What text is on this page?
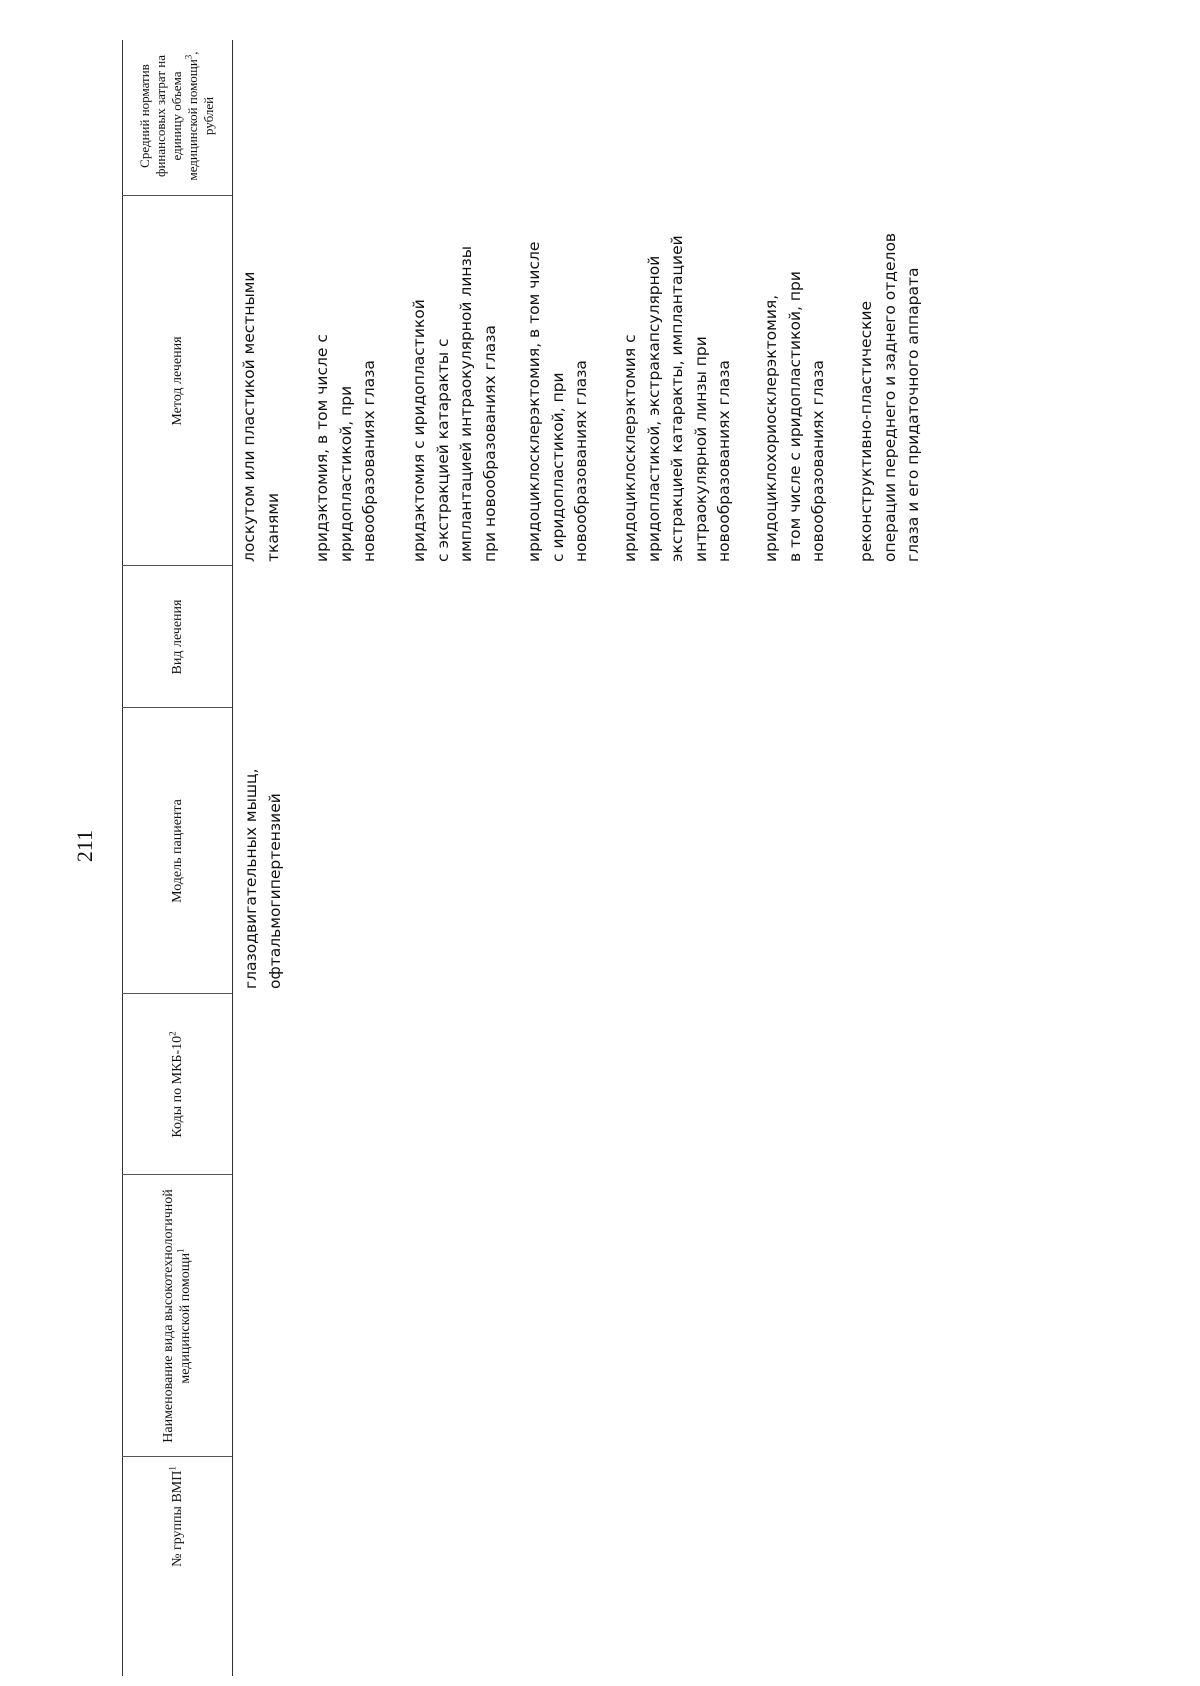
211
№ группы ВМП$^1$
Наименование вида высокотехнологичной медицинской помощи$^1$
Коды по МКБ-$10^2$
Модель пациента
Вид лечения
Метод лечения
Средний норматив финансовых затрат на единицу объема медицинской помощи$^3$, рублей
глазодвигательных мышц,
офтальмогипертензией

лоскутом или пластикой местными
тканями иридэктомия, в том числе с
иридопластикой, при
новообразованиях глаза

иридэктомия с иридопластикой
с экстракцией катаракты с
имплантацией интраокулярной линзы
при новообразованиях глаза иридоциклосклерэктомия, в том числе
с иридопластикой, при
новообразованиях глаза иридоциклосклерэктомия с
иридопластикой, экстракапсулярной
экстракцией катаракты, имплантацией
интраокулярной линзы при
новообразованиях глаза иридоциклохориосклерэктомия,
в том числе с иридопластикой, при
новообразованиях глаза реконструктивно-пластические
операции переднего и заднего отделов
глаза и его придаточного аппарата
